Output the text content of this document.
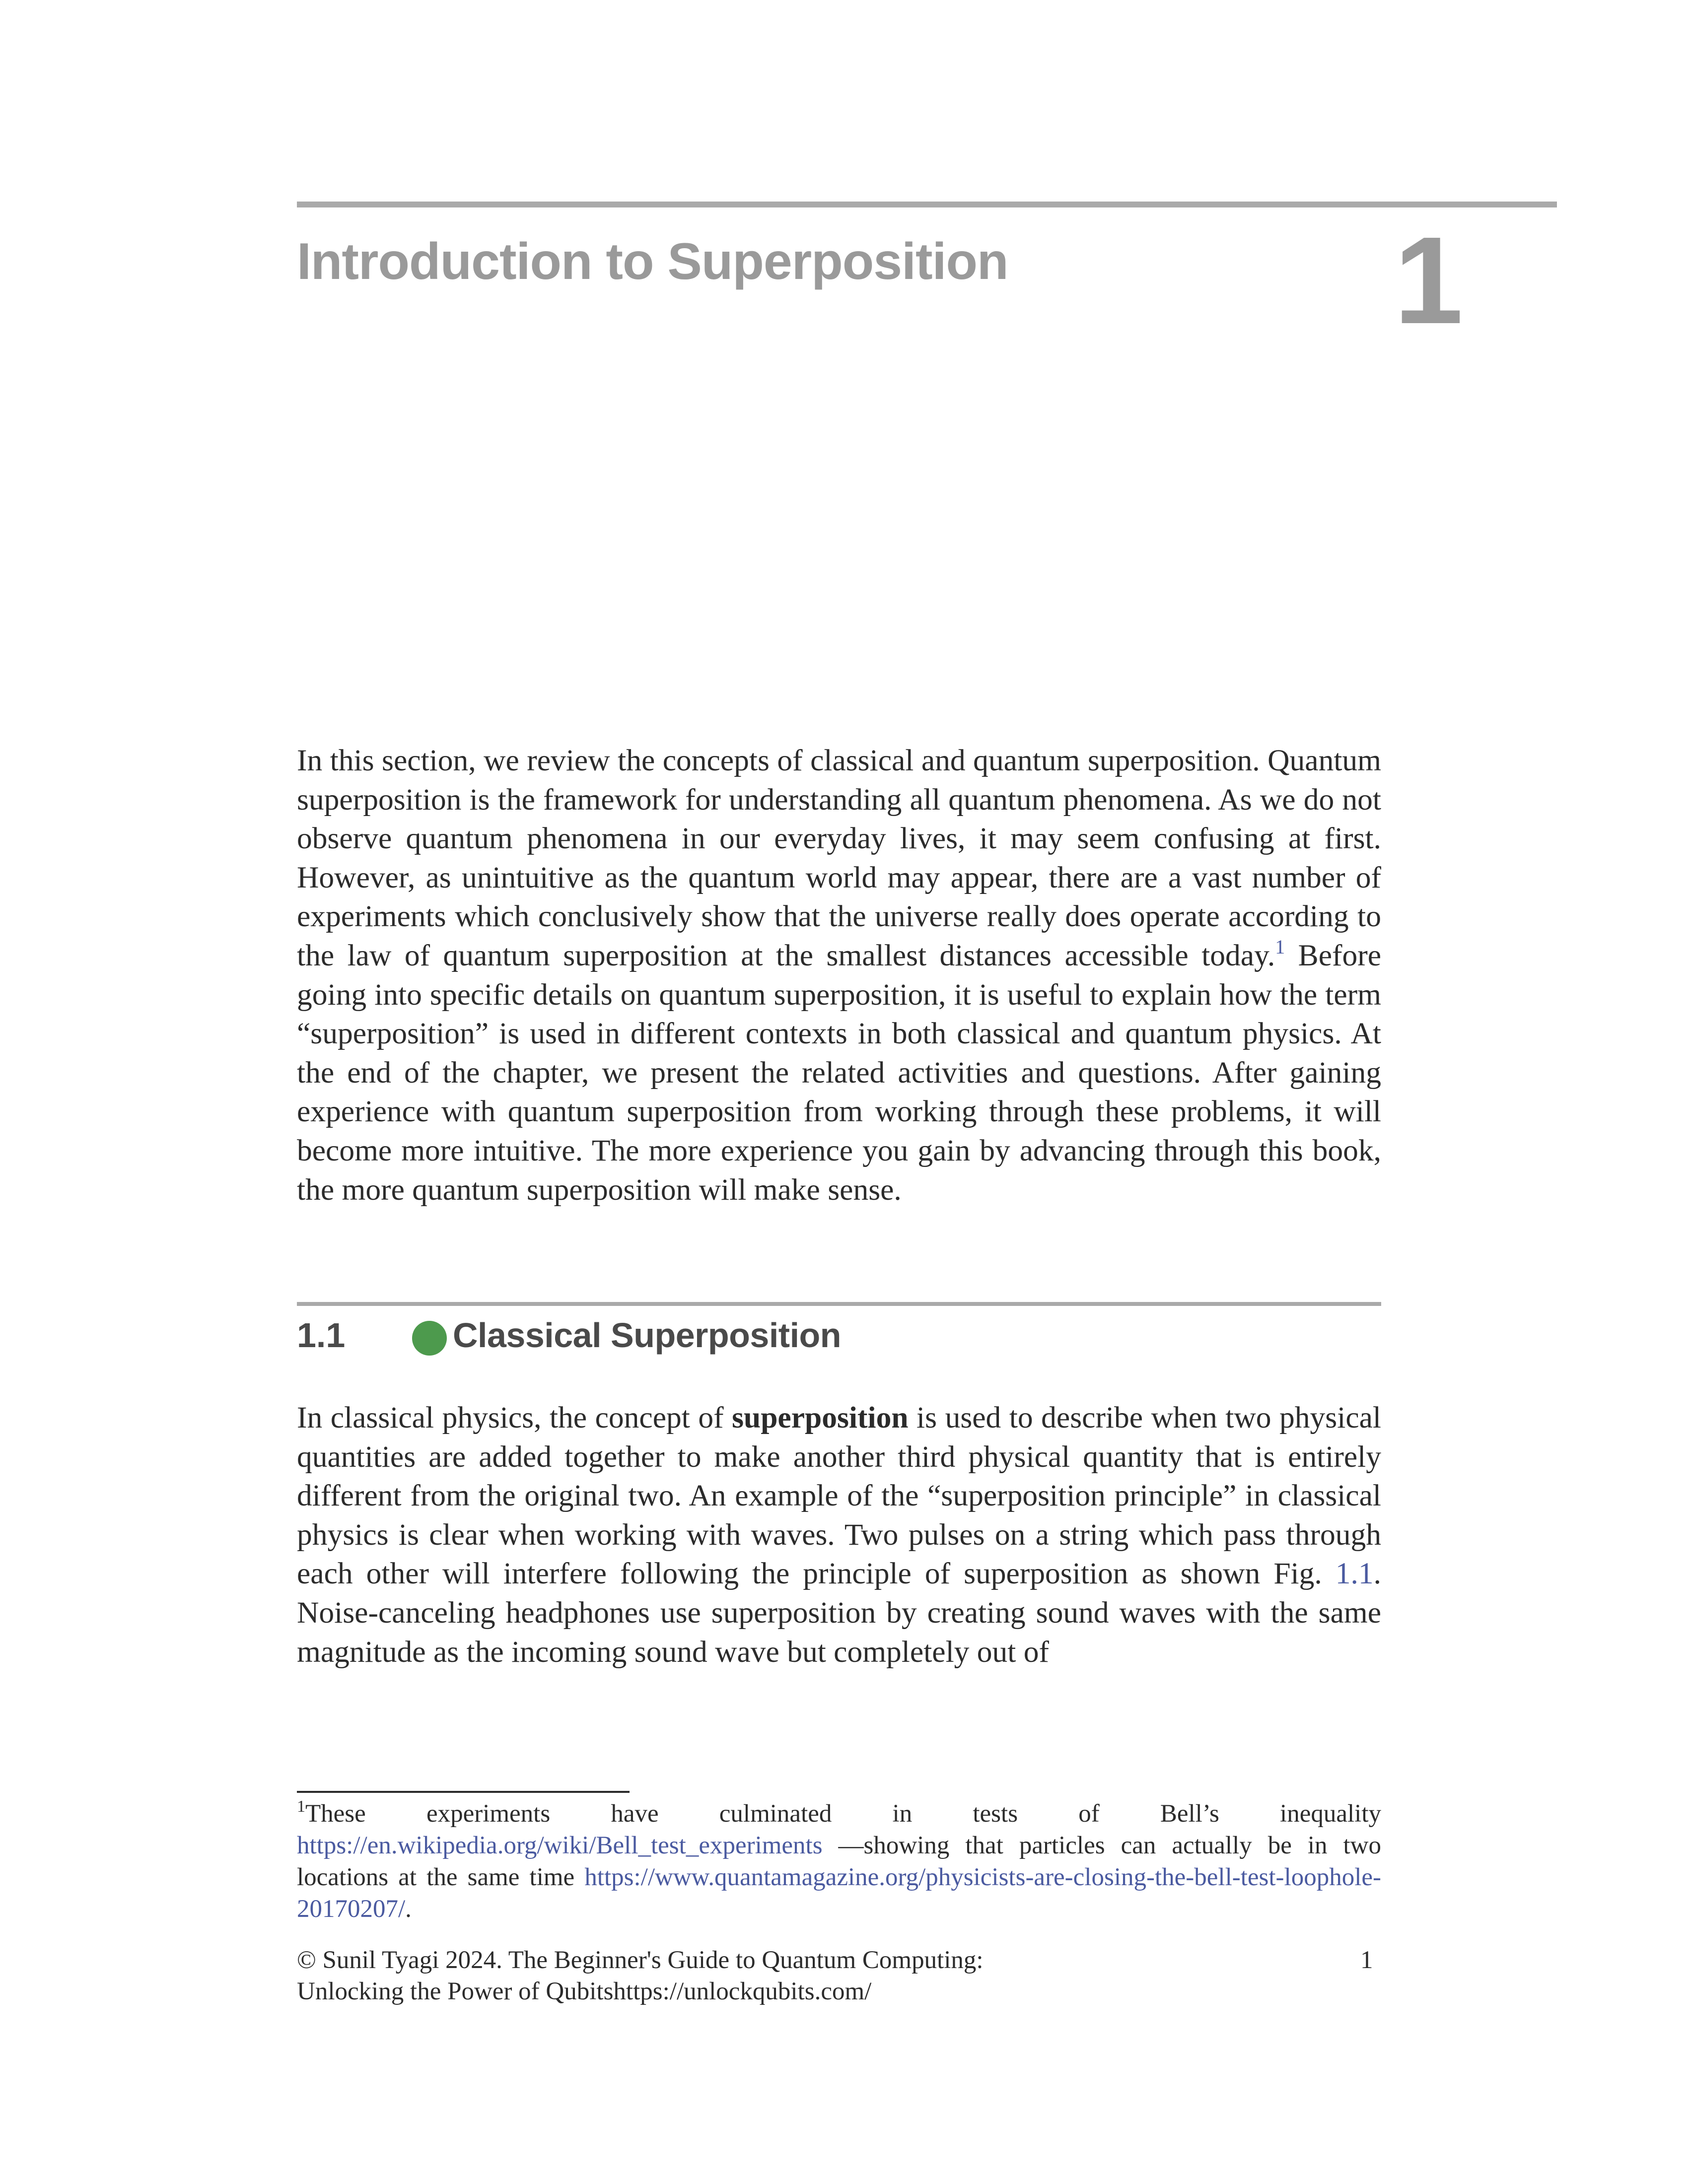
Introduction to Superposition	1
In this section, we review the concepts of classical and quantum superposition. Quantum superposition is the framework for understanding all quantum phenomena. As we do not observe quantum phenomena in our everyday lives, it may seem confusing at first. However, as unintuitive as the quantum world may appear, there are a vast number of experiments which conclusively show that the universe really does operate according to the law of quantum superposition at the smallest distances accessible today.$^1$ Before going into specific details on quantum superposition, it is useful to explain how the term “superposition” is used in different contexts in both classical and quantum physics. At the end of the chapter, we present the related activities and questions. After gaining experience with quantum superposition from working through these problems, it will become more intuitive. The more experience you gain by advancing through this book, the more quantum superposition will make sense.
1.1	Classical Superposition
In classical physics, the concept of superposition is used to describe when two physical quantities are added together to make another third physical quantity that is entirely different from the original two. An example of the “superposition principle” in classical physics is clear when working with waves. Two pulses on a string which pass through each other will interfere following the principle of superposition as shown Fig. 1.1. Noise-canceling headphones use superposition by creating sound waves with the same magnitude as the incoming sound wave but completely out of
$^1$These experiments have culminated in tests of Bell’s inequality https://en.wikipedia.org/wiki/Bell_test_experiments —showing that particles can actually be in two locations at the same time https://www.quantamagazine.org/physicists-are-closing-the-bell-test-loophole-20170207/.
© Sunil Tyagi 2024. The Beginner's Guide to Quantum Computing:
Unlocking the Power of Qubitshttps://unlockqubits.com/
1
